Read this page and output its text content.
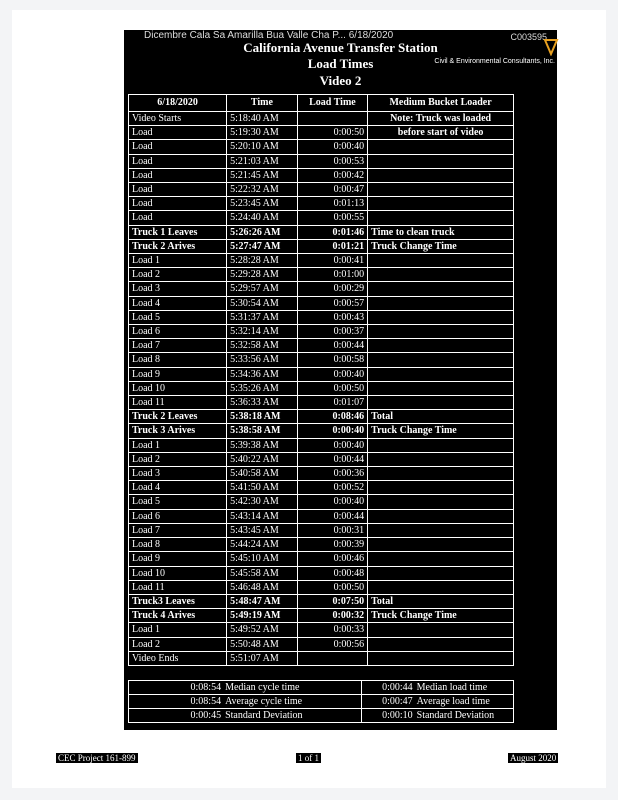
Dicembre Cala Sa Amarilla Bua Valle Cha P... 6/18/2020	C003595
Civil & Environmental Consultants, Inc.
California Avenue Transfer Station
Load Times
Video 2
6/18/2020	Time	Load Time	Medium Bucket Loader
Video Starts	5:18:40 AM		Note: Truck was loaded
Load	5:19:30 AM	0:00:50	before start of video
Load	5:20:10 AM	0:00:40	
Load	5:21:03 AM	0:00:53	
Load	5:21:45 AM	0:00:42	
Load	5:22:32 AM	0:00:47	
Load	5:23:45 AM	0:01:13	
Load	5:24:40 AM	0:00:55	
Truck 1 Leaves	5:26:26 AM	0:01:46	Time to clean truck
Truck 2 Arives	5:27:47 AM	0:01:21	Truck Change Time
Load 1	5:28:28 AM	0:00:41	
Load 2	5:29:28 AM	0:01:00	
Load 3	5:29:57 AM	0:00:29	
Load 4	5:30:54 AM	0:00:57	
Load 5	5:31:37 AM	0:00:43	
Load 6	5:32:14 AM	0:00:37	
Load 7	5:32:58 AM	0:00:44	
Load 8	5:33:56 AM	0:00:58	
Load 9	5:34:36 AM	0:00:40	
Load 10	5:35:26 AM	0:00:50	
Load 11	5:36:33 AM	0:01:07	
Truck 2 Leaves	5:38:18 AM	0:08:46	Total
Truck 3 Arives	5:38:58 AM	0:00:40	Truck Change Time
Load 1	5:39:38 AM	0:00:40	
Load 2	5:40:22 AM	0:00:44	
Load 3	5:40:58 AM	0:00:36	
Load 4	5:41:50 AM	0:00:52	
Load 5	5:42:30 AM	0:00:40	
Load 6	5:43:14 AM	0:00:44	
Load 7	5:43:45 AM	0:00:31	
Load 8	5:44:24 AM	0:00:39	
Load 9	5:45:10 AM	0:00:46	
Load 10	5:45:58 AM	0:00:48	
Load 11	5:46:48 AM	0:00:50	
Truck3 Leaves	5:48:47 AM	0:07:50	Total
Truck 4 Arives	5:49:19 AM	0:00:32	Truck Change Time
Load 1	5:49:52 AM	0:00:33	
Load 2	5:50:48 AM	0:00:56	
Video Ends	5:51:07 AM		
0:08:54	Median cycle time	0:00:44	Median load time
0:08:54	Average cycle time	0:00:47	Average load time
0:00:45	Standard Deviation	0:00:10	Standard Deviation
CEC Project 161-899	1 of 1	August 2020
